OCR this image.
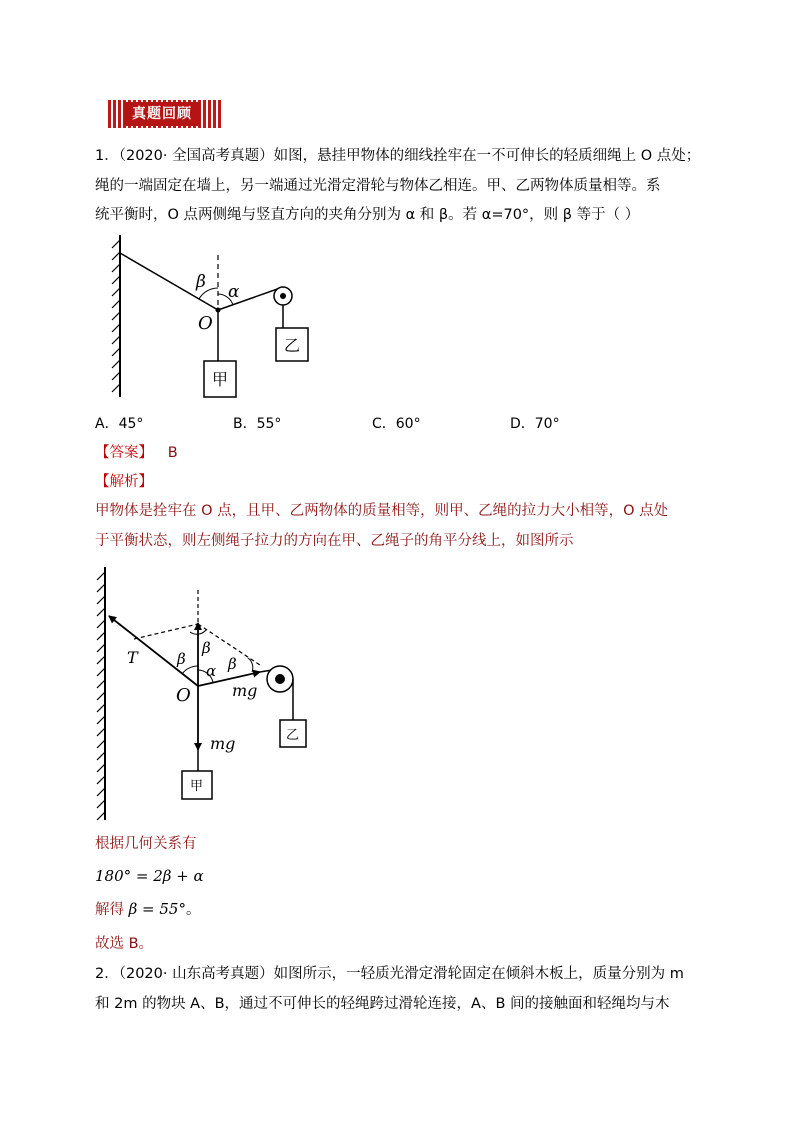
真题回顾
1．（2020· 全国高考真题）如图，悬挂甲物体的细线拴牢在一不可伸长的轻质细绳上 O 点处；
绳的一端固定在墙上，另一端通过光滑定滑轮与物体乙相连。甲、乙两物体质量相等。系
统平衡时，O 点两侧绳与竖直方向的夹角分别为 α 和 β。若 α=70°，则 β 等于（ ）
甲
乙
β α
O
A．45°	B．55°	C．60°	D．70°
【答案】 B
【解析】
甲物体是拴牢在 O 点，且甲、乙两物体的质量相等，则甲、乙绳的拉力大小相等，O 点处
于平衡状态，则左侧绳子拉力的方向在甲、乙绳子的角平分线上，如图所示
乙
甲
T	β
β
β
α
O	mg
mg
根据几何关系有
180° = 2β + α
解得 β = 55°。
故选 B。
2．（2020· 山东高考真题）如图所示，一轻质光滑定滑轮固定在倾斜木板上，质量分别为 m
和 2m 的物块 A、B，通过不可伸长的轻绳跨过滑轮连接，A、B 间的接触面和轻绳均与木
